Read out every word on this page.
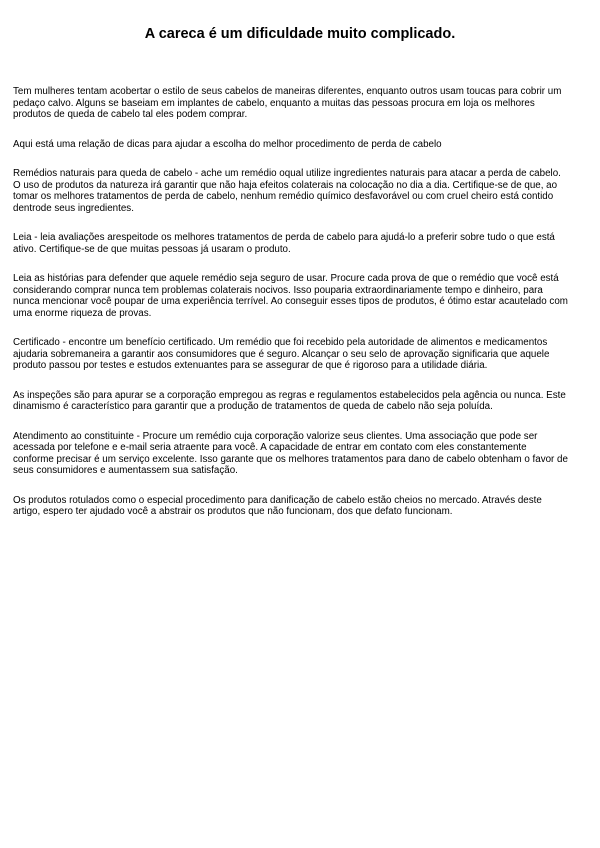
A careca é um dificuldade muito complicado.

Tem mulheres tentam acobertar o estilo de seus cabelos de maneiras diferentes, enquanto outros usam toucas para cobrir um
pedaço calvo. Alguns se baseiam em implantes de cabelo, enquanto a muitas das pessoas procura em loja os melhores
produtos de queda de cabelo tal eles podem comprar.

Aqui está uma relação de dicas para ajudar a escolha do melhor procedimento de perda de cabelo

Remédios naturais para queda de cabelo - ache um remédio oqual utilize ingredientes naturais para atacar a perda de cabelo.
O uso de produtos da natureza irá garantir que não haja efeitos colaterais na colocação no dia a dia. Certifique-se de que, ao
tomar os melhores tratamentos de perda de cabelo, nenhum remédio químico desfavorável ou com cruel cheiro está contido
dentrode seus ingredientes.

Leia - leia avaliações arespeitode os melhores tratamentos de perda de cabelo para ajudá-lo a preferir sobre tudo o que está
ativo. Certifique-se de que muitas pessoas já usaram o produto.

Leia as histórias para defender que aquele remédio seja seguro de usar. Procure cada prova de que o remédio que você está
considerando comprar nunca tem problemas colaterais nocivos. Isso pouparia extraordinariamente tempo e dinheiro, para
nunca mencionar você poupar de uma experiência terrível. Ao conseguir esses tipos de produtos, é ótimo estar acautelado com
uma enorme riqueza de provas.

Certificado - encontre um benefício certificado. Um remédio que foi recebido pela autoridade de alimentos e medicamentos
ajudaria sobremaneira a garantir aos consumidores que é seguro. Alcançar o seu selo de aprovação significaria que aquele
produto passou por testes e estudos extenuantes para se assegurar de que é rigoroso para a utilidade diária.

As inspeções são para apurar se a corporação empregou as regras e regulamentos estabelecidos pela agência ou nunca. Este
dinamismo é característico para garantir que a produção de tratamentos de queda de cabelo não seja poluída.

Atendimento ao constituinte - Procure um remédio cuja corporação valorize seus clientes. Uma associação que pode ser
acessada por telefone e e-mail seria atraente para você. A capacidade de entrar em contato com eles constantemente
conforme precisar é um serviço excelente. Isso garante que os melhores tratamentos para dano de cabelo obtenham o favor de
seus consumidores e aumentassem sua satisfação.

Os produtos rotulados como o especial procedimento para danificação de cabelo estão cheios no mercado. Através deste
artigo, espero ter ajudado você a abstrair os produtos que não funcionam, dos que defato funcionam.
